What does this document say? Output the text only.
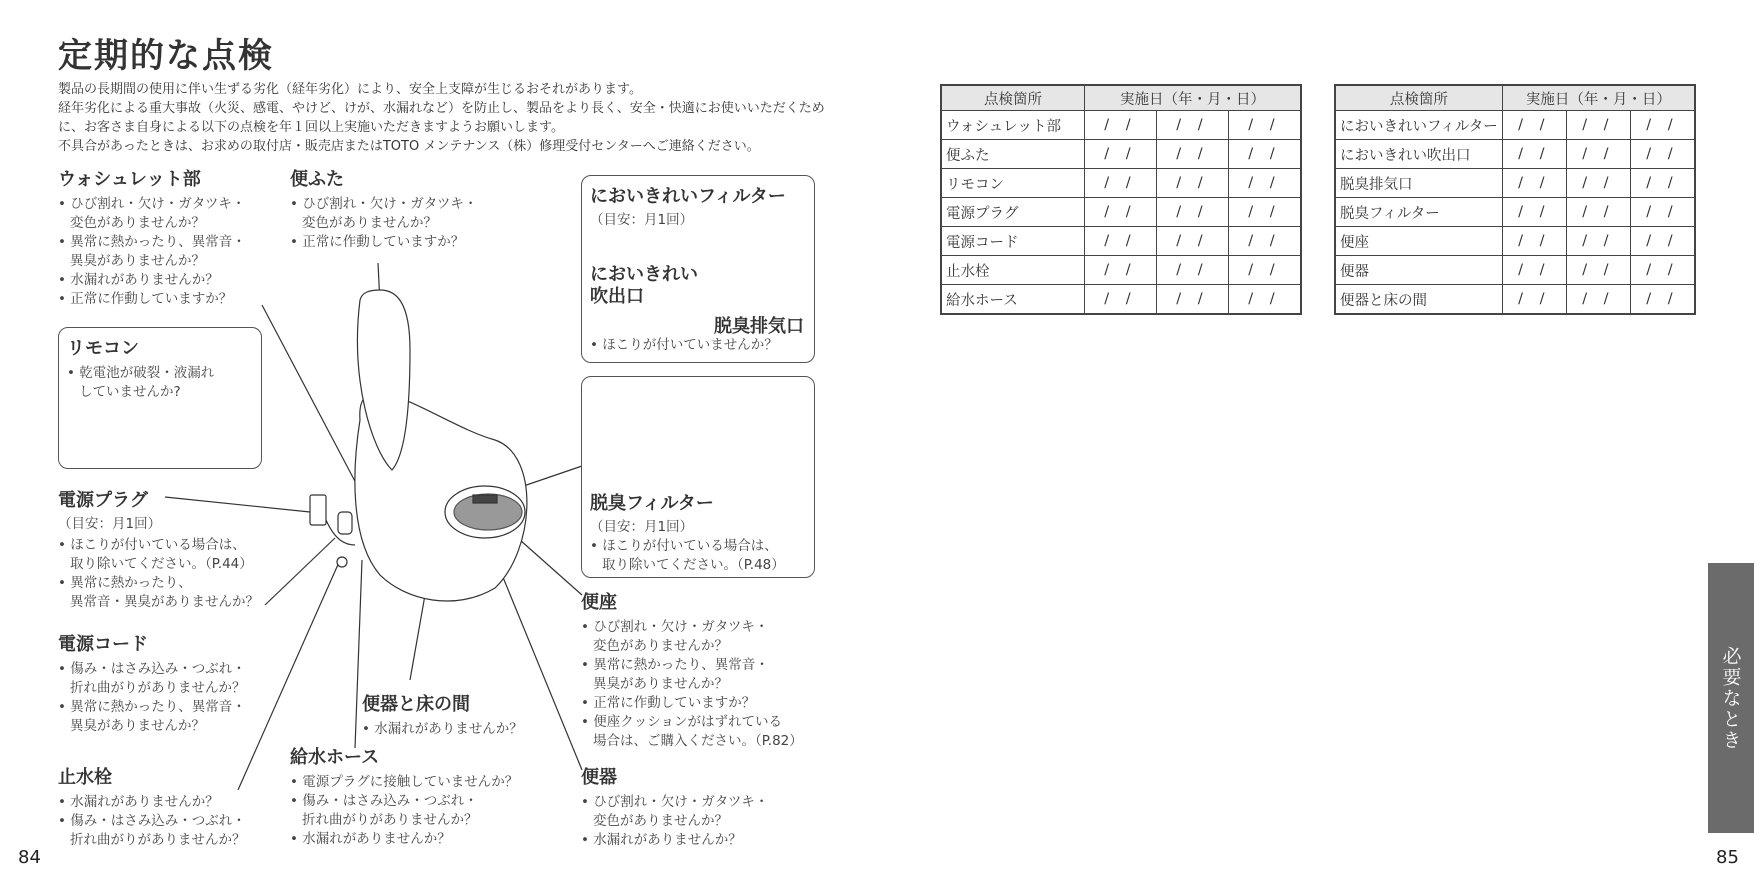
定期的な点検
製品の長期間の使用に伴い生ずる劣化（経年劣化）により、安全上支障が生じるおそれがあります。
経年劣化による重大事故（火災、感電、やけど、けが、水漏れなど）を防止し、製品をより長く、安全・快適にお使いいただくため
に、お客さま自身による以下の点検を年１回以上実施いただきますようお願いします。
不具合があったときは、お求めの取付店・販売店またはTOTO メンテナンス（株）修理受付センターへご連絡ください。
ウォシュレット部
• ひび割れ・欠け・ガタツキ・
変色がありませんか？
• 異常に熱かったり、異常音・
異臭がありませんか？
• 水漏れがありませんか？
• 正常に作動していますか？
便ふた
• ひび割れ・欠け・ガタツキ・
変色がありませんか？
• 正常に作動していますか？
リモコン
• 乾電池が破裂・液漏れ
していませんか?
電源プラグ
（目安：月1回）
• ほこりが付いている場合は、
取り除いてください。（P.44）
• 異常に熱かったり、
異常音・異臭がありませんか？
電源コード
• 傷み・はさみ込み・つぶれ・
折れ曲がりがありませんか？
• 異常に熱かったり、異常音・
異臭がありませんか？
止水栓
• 水漏れがありませんか？
• 傷み・はさみ込み・つぶれ・
折れ曲がりがありませんか？
給水ホース
• 電源プラグに接触していませんか？
• 傷み・はさみ込み・つぶれ・
折れ曲がりがありませんか？
• 水漏れがありませんか？
便器と床の間
• 水漏れがありませんか？
においきれいフィルター
（目安：月1回）
においきれい
吹出口
脱臭排気口
• ほこりが付いていませんか？
脱臭フィルター
（目安：月1回）
• ほこりが付いている場合は、
取り除いてください。（P.48）
便座
• ひび割れ・欠け・ガタツキ・
変色がありませんか？
• 異常に熱かったり、異常音・
異臭がありませんか？
• 正常に作動していますか？
• 便座クッションがはずれている
場合は、ご購入ください。（P.82）
便器
• ひび割れ・欠け・ガタツキ・
変色がありませんか？
• 水漏れがありませんか？
点検箇所	実施日（年・月・日）		
ウォシュレット部	/ /	/ /	/ /
便ふた	/ /	/ /	/ /
リモコン	/ /	/ /	/ /
電源プラグ	/ /	/ /	/ /
電源コード	/ /	/ /	/ /
止水栓	/ /	/ /	/ /
給水ホース	/ /	/ /	/ /
点検箇所	実施日（年・月・日）		
においきれいフィルター	/ /	/ /	/ /
においきれい吹出口	/ /	/ /	/ /
脱臭排気口	/ /	/ /	/ /
脱臭フィルター	/ /	/ /	/ /
便座	/ /	/ /	/ /
便器	/ /	/ /	/ /
便器と床の間	/ /	/ /	/ /
必要なとき
84	85
